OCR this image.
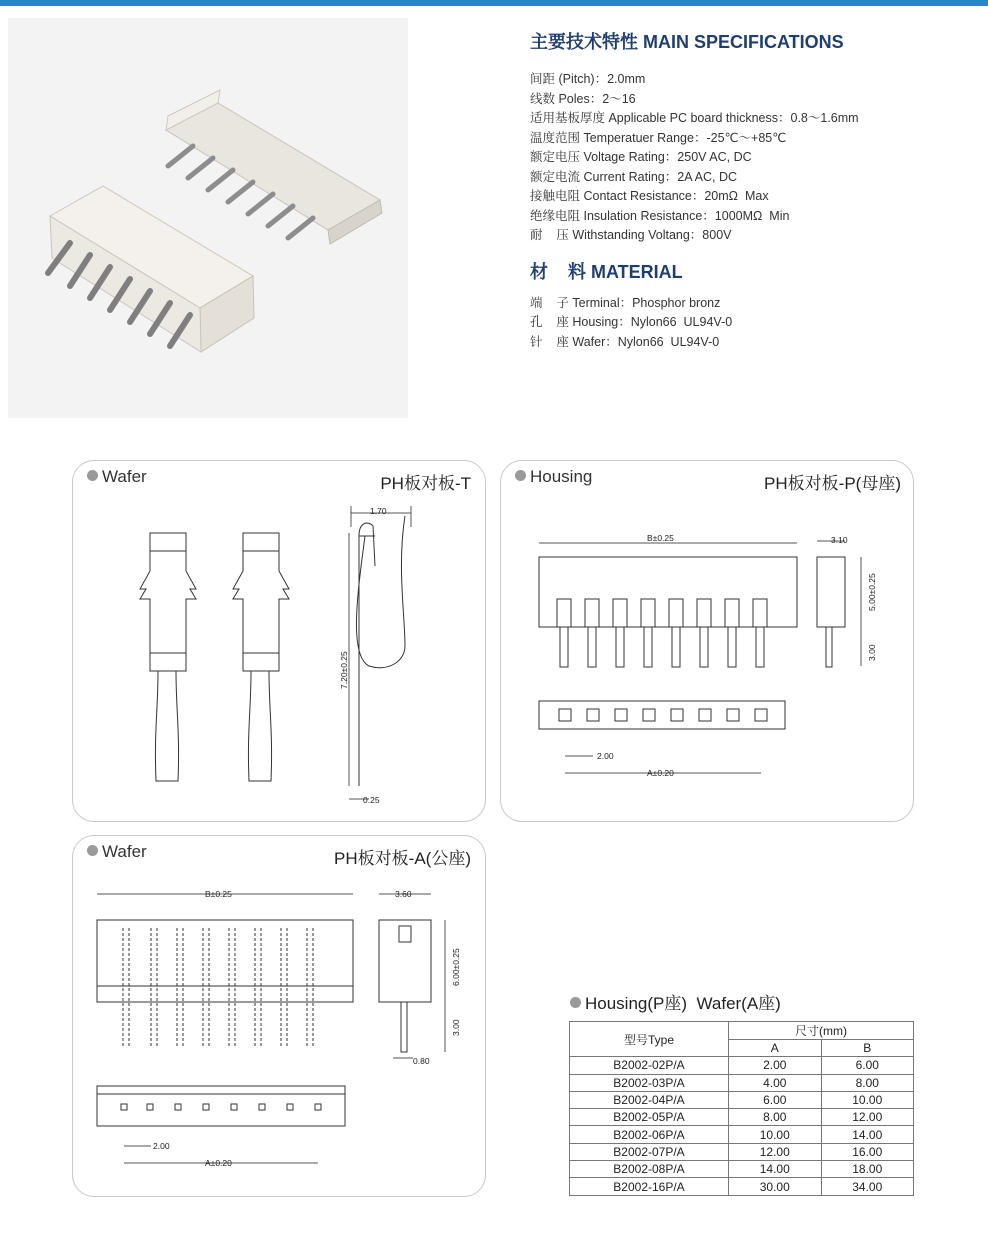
主要技术特性 MAIN SPECIFICATIONS

间距 (Pitch)：2.0mm
线数 Poles：2～16
适用基板厚度 Applicable PC board thickness：0.8～1.6mm
温度范围 Temperatuer Range：-25℃～+85℃
额定电压 Voltage Rating：250V AC, DC
额定电流 Current Rating：2A AC, DC
接触电阻 Contact Resistance：20mΩ  Max
绝缘电阻 Insulation Resistance：1000MΩ  Min
耐    压 Withstanding Voltang：800V

材    料 MATERIAL

端    子 Terminal：Phosphor bronz
孔    座 Housing：Nylon66  UL94V-0
针    座 Wafer：Nylon66  UL94V-0
Wafer	PH板对板-T
1.70
7.20±0.25
0.25
Housing	PH板对板-P(母座)
B±0.25	3.10
5.00±0.25
3.00
2.00
A±0.20
Wafer	PH板对板-A(公座)
B±0.25	3.60
6.00±0.25
3.00
0.80
2.00
A±0.20
Housing(P座)  Wafer(A座)
型号Type	尺寸(mm)	
	A	B
B2002-02P/A	2.00	6.00
B2002-03P/A	4.00	8.00
B2002-04P/A	6.00	10.00
B2002-05P/A	8.00	12.00
B2002-06P/A	10.00	14.00
B2002-07P/A	12.00	16.00
B2002-08P/A	14.00	18.00
B2002-16P/A	30.00	34.00
